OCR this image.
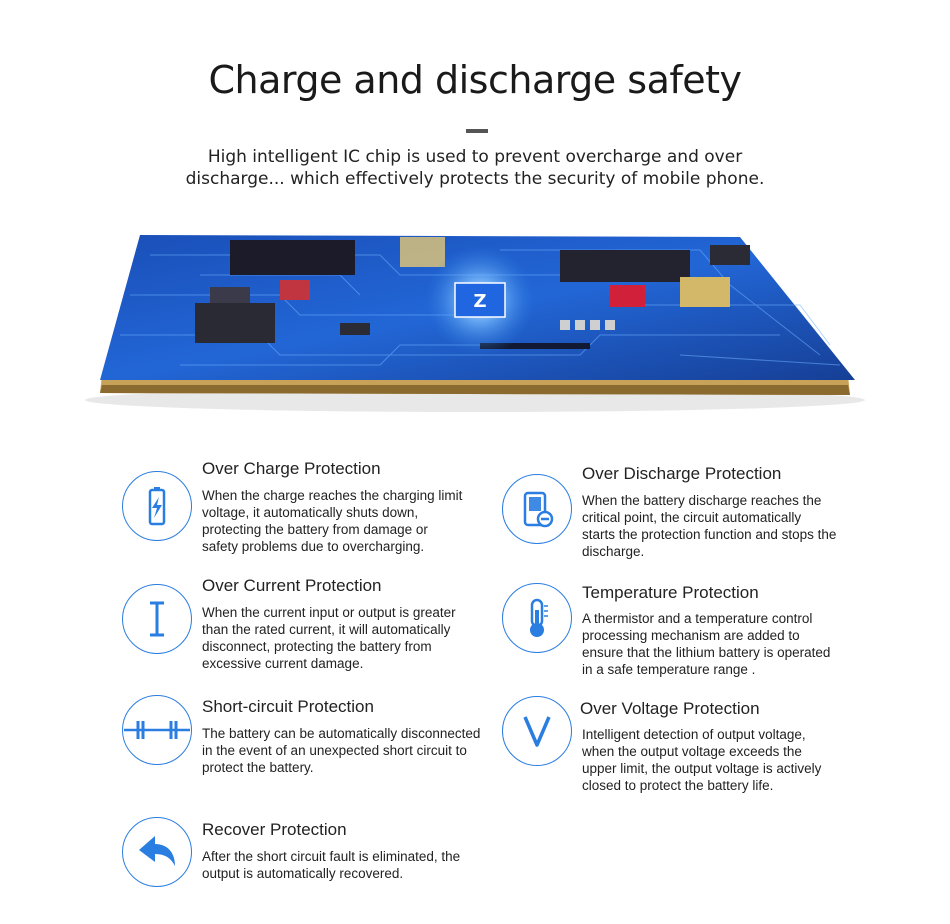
Charge and discharge safety
High intelligent IC chip is used to prevent overcharge and over
discharge... which effectively protects the security of mobile phone.
Z
Over Charge Protection
When the charge reaches the charging limit voltage, it automatically shuts down, protecting the battery from damage or safety problems due to overcharging.
Over Discharge Protection
When the battery discharge reaches the critical point, the circuit automatically starts the protection function and stops the discharge.
Over Current Protection
When the current input or output is greater than the rated current, it will automatically disconnect, protecting the battery from excessive current damage.
Temperature Protection
A thermistor and a temperature control processing mechanism are added to ensure that the lithium battery is operated in a safe temperature range .
Short-circuit Protection
The battery can be automatically disconnected in the event of an unexpected short circuit to protect the battery.
Over Voltage Protection
Intelligent detection of output voltage, when the output voltage exceeds the upper limit, the output voltage is actively closed to protect the battery life.
Recover Protection
After the short circuit fault is eliminated, the output is automatically recovered.
